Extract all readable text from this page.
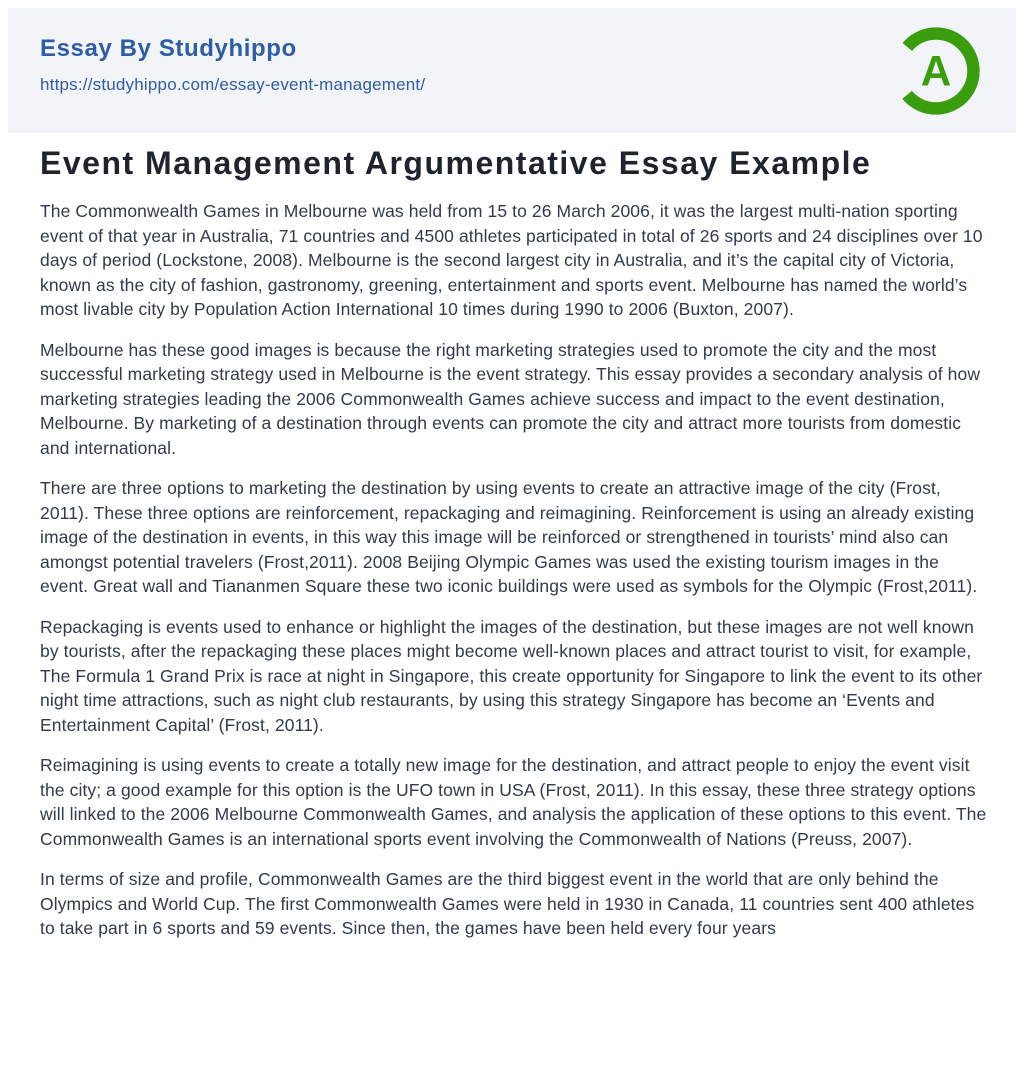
Essay By Studyhippo
https://studyhippo.com/essay-event-management/	A
Event Management Argumentative Essay Example

The Commonwealth Games in Melbourne was held from 15 to 26 March 2006, it was the largest multi-nation sporting event of that year in Australia, 71 countries and 4500 athletes participated in total of 26 sports and 24 disciplines over 10 days of period (Lockstone, 2008). Melbourne is the second largest city in Australia, and it’s the capital city of Victoria, known as the city of fashion, gastronomy, greening, entertainment and sports event. Melbourne has named the world’s most livable city by Population Action International 10 times during 1990 to 2006 (Buxton, 2007).

Melbourne has these good images is because the right marketing strategies used to promote the city and the most successful marketing strategy used in Melbourne is the event strategy. This essay provides a secondary analysis of how marketing strategies leading the 2006 Commonwealth Games achieve success and impact to the event destination, Melbourne. By marketing of a destination through events can promote the city and attract more tourists from domestic and international.

There are three options to marketing the destination by using events to create an attractive image of the city (Frost, 2011). These three options are reinforcement, repackaging and reimagining. Reinforcement is using an already existing image of the destination in events, in this way this image will be reinforced or strengthened in tourists’ mind also can amongst potential travelers (Frost,2011). 2008 Beijing Olympic Games was used the existing tourism images in the event. Great wall and Tiananmen Square these two iconic buildings were used as symbols for the Olympic (Frost,2011).

Repackaging is events used to enhance or highlight the images of the destination, but these images are not well known by tourists, after the repackaging these places might become well-known places and attract tourist to visit, for example, The Formula 1 Grand Prix is race at night in Singapore, this create opportunity for Singapore to link the event to its other night time attractions, such as night club restaurants, by using this strategy Singapore has become an ‘Events and Entertainment Capital’ (Frost, 2011).

Reimagining is using events to create a totally new image for the destination, and attract people to enjoy the event visit the city; a good example for this option is the UFO town in USA (Frost, 2011). In this essay, these three strategy options will linked to the 2006 Melbourne Commonwealth Games, and analysis the application of these options to this event. The Commonwealth Games is an international sports event involving the Commonwealth of Nations (Preuss, 2007).

In terms of size and profile, Commonwealth Games are the third biggest event in the world that are only behind the Olympics and World Cup. The first Commonwealth Games were held in 1930 in Canada, 11 countries sent 400 athletes to take part in 6 sports and 59 events. Since then, the games have been held every four years
